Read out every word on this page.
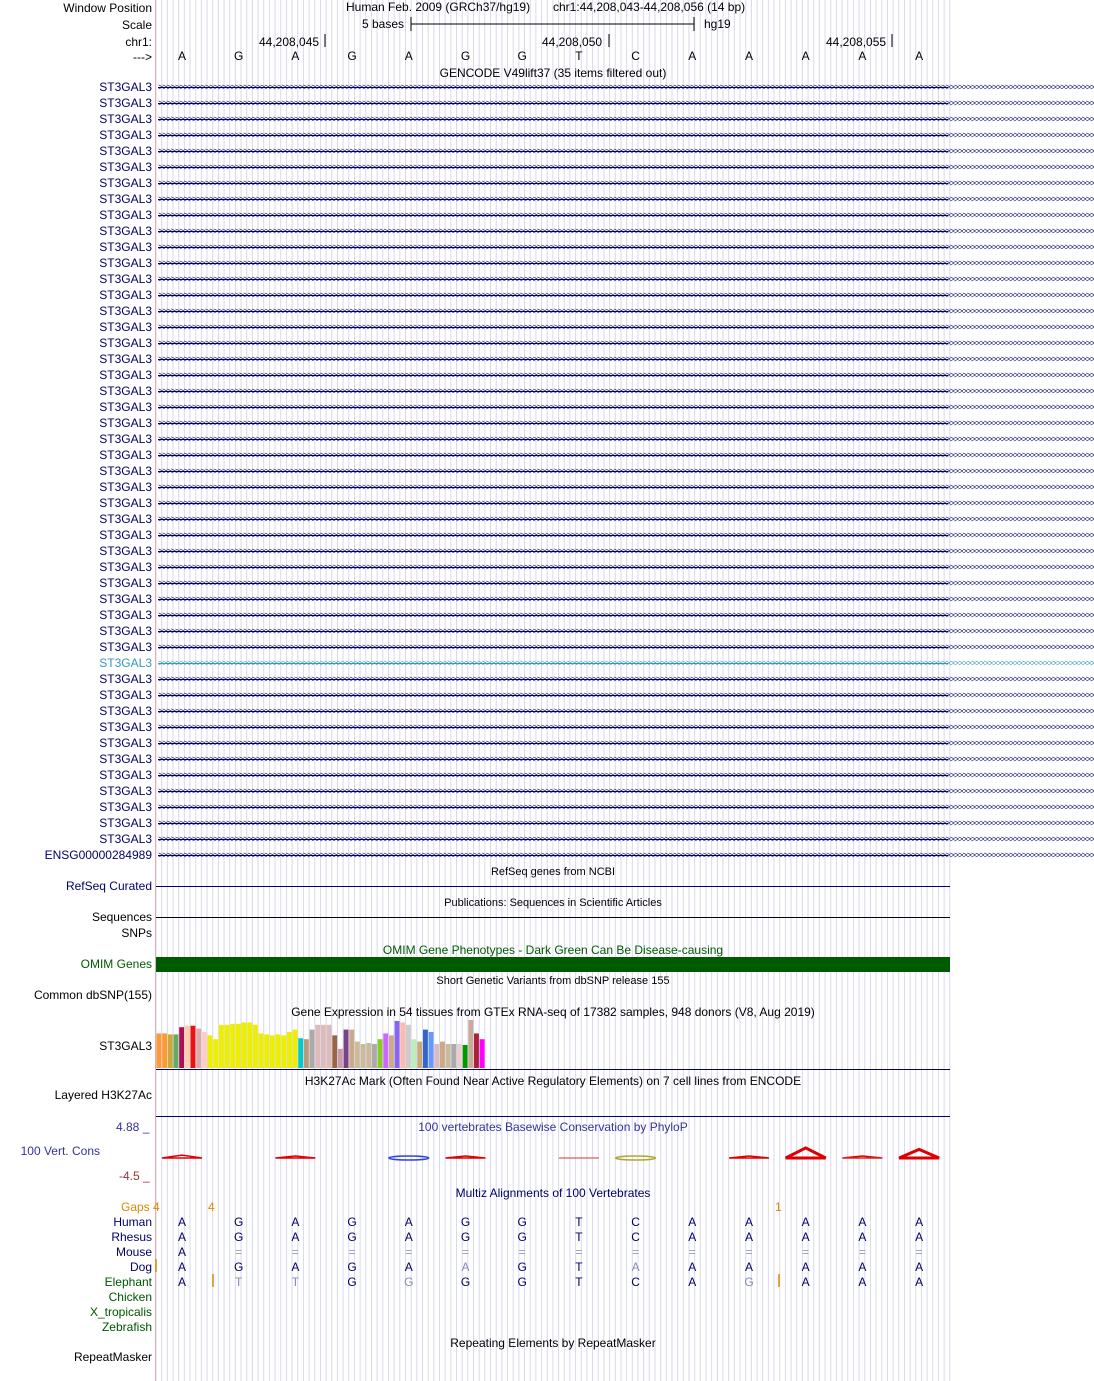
Window Position
Scale
chr1:
--->
Human Feb. 2009 (GRCh37/hg19) chr1:44,208,043-44,208,056 (14 bp)
5 bases	hg19
44,208,045	44,208,050	44,208,055
A	G	A	G	A	G	G	T	C	A	A	A	A	A
GENCODE V49lift37 (35 items filtered out)
ST3GAL3 >>>>>>>>>>>>>>>>>>>>>>>>>>>>>>>>>>>>>>>>>>>>>>>>>>>>>>>>>>>>>>>>>>>>>>>>>>>>>>>>>>>>>>>>>>>>>>>>>>>>>>>>>>>>>>>>>>>>>>>>>>>>>>>>>>>>>>>>>>>>>>>>>>>>>>>>>>>>>>>>>>>>>>>>>>>>>>>>>>>>>>>>>>>>>>>>>>>>>>>>>>>>>>>>>>>>>>>>>>>>
ST3GAL3 >>>>>>>>>>>>>>>>>>>>>>>>>>>>>>>>>>>>>>>>>>>>>>>>>>>>>>>>>>>>>>>>>>>>>>>>>>>>>>>>>>>>>>>>>>>>>>>>>>>>>>>>>>>>>>>>>>>>>>>>>>>>>>>>>>>>>>>>>>>>>>>>>>>>>>>>>>>>>>>>>>>>>>>>>>>>>>>>>>>>>>>>>>>>>>>>>>>>>>>>>>>>>>>>>>>>>>>>>>>>
ST3GAL3 >>>>>>>>>>>>>>>>>>>>>>>>>>>>>>>>>>>>>>>>>>>>>>>>>>>>>>>>>>>>>>>>>>>>>>>>>>>>>>>>>>>>>>>>>>>>>>>>>>>>>>>>>>>>>>>>>>>>>>>>>>>>>>>>>>>>>>>>>>>>>>>>>>>>>>>>>>>>>>>>>>>>>>>>>>>>>>>>>>>>>>>>>>>>>>>>>>>>>>>>>>>>>>>>>>>>>>>>>>>>
ST3GAL3 >>>>>>>>>>>>>>>>>>>>>>>>>>>>>>>>>>>>>>>>>>>>>>>>>>>>>>>>>>>>>>>>>>>>>>>>>>>>>>>>>>>>>>>>>>>>>>>>>>>>>>>>>>>>>>>>>>>>>>>>>>>>>>>>>>>>>>>>>>>>>>>>>>>>>>>>>>>>>>>>>>>>>>>>>>>>>>>>>>>>>>>>>>>>>>>>>>>>>>>>>>>>>>>>>>>>>>>>>>>>
ST3GAL3 >>>>>>>>>>>>>>>>>>>>>>>>>>>>>>>>>>>>>>>>>>>>>>>>>>>>>>>>>>>>>>>>>>>>>>>>>>>>>>>>>>>>>>>>>>>>>>>>>>>>>>>>>>>>>>>>>>>>>>>>>>>>>>>>>>>>>>>>>>>>>>>>>>>>>>>>>>>>>>>>>>>>>>>>>>>>>>>>>>>>>>>>>>>>>>>>>>>>>>>>>>>>>>>>>>>>>>>>>>>>
ST3GAL3 >>>>>>>>>>>>>>>>>>>>>>>>>>>>>>>>>>>>>>>>>>>>>>>>>>>>>>>>>>>>>>>>>>>>>>>>>>>>>>>>>>>>>>>>>>>>>>>>>>>>>>>>>>>>>>>>>>>>>>>>>>>>>>>>>>>>>>>>>>>>>>>>>>>>>>>>>>>>>>>>>>>>>>>>>>>>>>>>>>>>>>>>>>>>>>>>>>>>>>>>>>>>>>>>>>>>>>>>>>>>
ST3GAL3 >>>>>>>>>>>>>>>>>>>>>>>>>>>>>>>>>>>>>>>>>>>>>>>>>>>>>>>>>>>>>>>>>>>>>>>>>>>>>>>>>>>>>>>>>>>>>>>>>>>>>>>>>>>>>>>>>>>>>>>>>>>>>>>>>>>>>>>>>>>>>>>>>>>>>>>>>>>>>>>>>>>>>>>>>>>>>>>>>>>>>>>>>>>>>>>>>>>>>>>>>>>>>>>>>>>>>>>>>>>>
ST3GAL3 >>>>>>>>>>>>>>>>>>>>>>>>>>>>>>>>>>>>>>>>>>>>>>>>>>>>>>>>>>>>>>>>>>>>>>>>>>>>>>>>>>>>>>>>>>>>>>>>>>>>>>>>>>>>>>>>>>>>>>>>>>>>>>>>>>>>>>>>>>>>>>>>>>>>>>>>>>>>>>>>>>>>>>>>>>>>>>>>>>>>>>>>>>>>>>>>>>>>>>>>>>>>>>>>>>>>>>>>>>>>
ST3GAL3 >>>>>>>>>>>>>>>>>>>>>>>>>>>>>>>>>>>>>>>>>>>>>>>>>>>>>>>>>>>>>>>>>>>>>>>>>>>>>>>>>>>>>>>>>>>>>>>>>>>>>>>>>>>>>>>>>>>>>>>>>>>>>>>>>>>>>>>>>>>>>>>>>>>>>>>>>>>>>>>>>>>>>>>>>>>>>>>>>>>>>>>>>>>>>>>>>>>>>>>>>>>>>>>>>>>>>>>>>>>>
ST3GAL3 >>>>>>>>>>>>>>>>>>>>>>>>>>>>>>>>>>>>>>>>>>>>>>>>>>>>>>>>>>>>>>>>>>>>>>>>>>>>>>>>>>>>>>>>>>>>>>>>>>>>>>>>>>>>>>>>>>>>>>>>>>>>>>>>>>>>>>>>>>>>>>>>>>>>>>>>>>>>>>>>>>>>>>>>>>>>>>>>>>>>>>>>>>>>>>>>>>>>>>>>>>>>>>>>>>>>>>>>>>>>
ST3GAL3 >>>>>>>>>>>>>>>>>>>>>>>>>>>>>>>>>>>>>>>>>>>>>>>>>>>>>>>>>>>>>>>>>>>>>>>>>>>>>>>>>>>>>>>>>>>>>>>>>>>>>>>>>>>>>>>>>>>>>>>>>>>>>>>>>>>>>>>>>>>>>>>>>>>>>>>>>>>>>>>>>>>>>>>>>>>>>>>>>>>>>>>>>>>>>>>>>>>>>>>>>>>>>>>>>>>>>>>>>>>>
ST3GAL3 >>>>>>>>>>>>>>>>>>>>>>>>>>>>>>>>>>>>>>>>>>>>>>>>>>>>>>>>>>>>>>>>>>>>>>>>>>>>>>>>>>>>>>>>>>>>>>>>>>>>>>>>>>>>>>>>>>>>>>>>>>>>>>>>>>>>>>>>>>>>>>>>>>>>>>>>>>>>>>>>>>>>>>>>>>>>>>>>>>>>>>>>>>>>>>>>>>>>>>>>>>>>>>>>>>>>>>>>>>>>
ST3GAL3 >>>>>>>>>>>>>>>>>>>>>>>>>>>>>>>>>>>>>>>>>>>>>>>>>>>>>>>>>>>>>>>>>>>>>>>>>>>>>>>>>>>>>>>>>>>>>>>>>>>>>>>>>>>>>>>>>>>>>>>>>>>>>>>>>>>>>>>>>>>>>>>>>>>>>>>>>>>>>>>>>>>>>>>>>>>>>>>>>>>>>>>>>>>>>>>>>>>>>>>>>>>>>>>>>>>>>>>>>>>>
ST3GAL3 >>>>>>>>>>>>>>>>>>>>>>>>>>>>>>>>>>>>>>>>>>>>>>>>>>>>>>>>>>>>>>>>>>>>>>>>>>>>>>>>>>>>>>>>>>>>>>>>>>>>>>>>>>>>>>>>>>>>>>>>>>>>>>>>>>>>>>>>>>>>>>>>>>>>>>>>>>>>>>>>>>>>>>>>>>>>>>>>>>>>>>>>>>>>>>>>>>>>>>>>>>>>>>>>>>>>>>>>>>>>
ST3GAL3 >>>>>>>>>>>>>>>>>>>>>>>>>>>>>>>>>>>>>>>>>>>>>>>>>>>>>>>>>>>>>>>>>>>>>>>>>>>>>>>>>>>>>>>>>>>>>>>>>>>>>>>>>>>>>>>>>>>>>>>>>>>>>>>>>>>>>>>>>>>>>>>>>>>>>>>>>>>>>>>>>>>>>>>>>>>>>>>>>>>>>>>>>>>>>>>>>>>>>>>>>>>>>>>>>>>>>>>>>>>>
ST3GAL3 >>>>>>>>>>>>>>>>>>>>>>>>>>>>>>>>>>>>>>>>>>>>>>>>>>>>>>>>>>>>>>>>>>>>>>>>>>>>>>>>>>>>>>>>>>>>>>>>>>>>>>>>>>>>>>>>>>>>>>>>>>>>>>>>>>>>>>>>>>>>>>>>>>>>>>>>>>>>>>>>>>>>>>>>>>>>>>>>>>>>>>>>>>>>>>>>>>>>>>>>>>>>>>>>>>>>>>>>>>>>
ST3GAL3 >>>>>>>>>>>>>>>>>>>>>>>>>>>>>>>>>>>>>>>>>>>>>>>>>>>>>>>>>>>>>>>>>>>>>>>>>>>>>>>>>>>>>>>>>>>>>>>>>>>>>>>>>>>>>>>>>>>>>>>>>>>>>>>>>>>>>>>>>>>>>>>>>>>>>>>>>>>>>>>>>>>>>>>>>>>>>>>>>>>>>>>>>>>>>>>>>>>>>>>>>>>>>>>>>>>>>>>>>>>>
ST3GAL3 >>>>>>>>>>>>>>>>>>>>>>>>>>>>>>>>>>>>>>>>>>>>>>>>>>>>>>>>>>>>>>>>>>>>>>>>>>>>>>>>>>>>>>>>>>>>>>>>>>>>>>>>>>>>>>>>>>>>>>>>>>>>>>>>>>>>>>>>>>>>>>>>>>>>>>>>>>>>>>>>>>>>>>>>>>>>>>>>>>>>>>>>>>>>>>>>>>>>>>>>>>>>>>>>>>>>>>>>>>>>
ST3GAL3 >>>>>>>>>>>>>>>>>>>>>>>>>>>>>>>>>>>>>>>>>>>>>>>>>>>>>>>>>>>>>>>>>>>>>>>>>>>>>>>>>>>>>>>>>>>>>>>>>>>>>>>>>>>>>>>>>>>>>>>>>>>>>>>>>>>>>>>>>>>>>>>>>>>>>>>>>>>>>>>>>>>>>>>>>>>>>>>>>>>>>>>>>>>>>>>>>>>>>>>>>>>>>>>>>>>>>>>>>>>>
ST3GAL3 >>>>>>>>>>>>>>>>>>>>>>>>>>>>>>>>>>>>>>>>>>>>>>>>>>>>>>>>>>>>>>>>>>>>>>>>>>>>>>>>>>>>>>>>>>>>>>>>>>>>>>>>>>>>>>>>>>>>>>>>>>>>>>>>>>>>>>>>>>>>>>>>>>>>>>>>>>>>>>>>>>>>>>>>>>>>>>>>>>>>>>>>>>>>>>>>>>>>>>>>>>>>>>>>>>>>>>>>>>>>
ST3GAL3 >>>>>>>>>>>>>>>>>>>>>>>>>>>>>>>>>>>>>>>>>>>>>>>>>>>>>>>>>>>>>>>>>>>>>>>>>>>>>>>>>>>>>>>>>>>>>>>>>>>>>>>>>>>>>>>>>>>>>>>>>>>>>>>>>>>>>>>>>>>>>>>>>>>>>>>>>>>>>>>>>>>>>>>>>>>>>>>>>>>>>>>>>>>>>>>>>>>>>>>>>>>>>>>>>>>>>>>>>>>>
ST3GAL3 >>>>>>>>>>>>>>>>>>>>>>>>>>>>>>>>>>>>>>>>>>>>>>>>>>>>>>>>>>>>>>>>>>>>>>>>>>>>>>>>>>>>>>>>>>>>>>>>>>>>>>>>>>>>>>>>>>>>>>>>>>>>>>>>>>>>>>>>>>>>>>>>>>>>>>>>>>>>>>>>>>>>>>>>>>>>>>>>>>>>>>>>>>>>>>>>>>>>>>>>>>>>>>>>>>>>>>>>>>>>
ST3GAL3 >>>>>>>>>>>>>>>>>>>>>>>>>>>>>>>>>>>>>>>>>>>>>>>>>>>>>>>>>>>>>>>>>>>>>>>>>>>>>>>>>>>>>>>>>>>>>>>>>>>>>>>>>>>>>>>>>>>>>>>>>>>>>>>>>>>>>>>>>>>>>>>>>>>>>>>>>>>>>>>>>>>>>>>>>>>>>>>>>>>>>>>>>>>>>>>>>>>>>>>>>>>>>>>>>>>>>>>>>>>>
ST3GAL3 >>>>>>>>>>>>>>>>>>>>>>>>>>>>>>>>>>>>>>>>>>>>>>>>>>>>>>>>>>>>>>>>>>>>>>>>>>>>>>>>>>>>>>>>>>>>>>>>>>>>>>>>>>>>>>>>>>>>>>>>>>>>>>>>>>>>>>>>>>>>>>>>>>>>>>>>>>>>>>>>>>>>>>>>>>>>>>>>>>>>>>>>>>>>>>>>>>>>>>>>>>>>>>>>>>>>>>>>>>>>
ST3GAL3 >>>>>>>>>>>>>>>>>>>>>>>>>>>>>>>>>>>>>>>>>>>>>>>>>>>>>>>>>>>>>>>>>>>>>>>>>>>>>>>>>>>>>>>>>>>>>>>>>>>>>>>>>>>>>>>>>>>>>>>>>>>>>>>>>>>>>>>>>>>>>>>>>>>>>>>>>>>>>>>>>>>>>>>>>>>>>>>>>>>>>>>>>>>>>>>>>>>>>>>>>>>>>>>>>>>>>>>>>>>>
ST3GAL3 >>>>>>>>>>>>>>>>>>>>>>>>>>>>>>>>>>>>>>>>>>>>>>>>>>>>>>>>>>>>>>>>>>>>>>>>>>>>>>>>>>>>>>>>>>>>>>>>>>>>>>>>>>>>>>>>>>>>>>>>>>>>>>>>>>>>>>>>>>>>>>>>>>>>>>>>>>>>>>>>>>>>>>>>>>>>>>>>>>>>>>>>>>>>>>>>>>>>>>>>>>>>>>>>>>>>>>>>>>>>
ST3GAL3 >>>>>>>>>>>>>>>>>>>>>>>>>>>>>>>>>>>>>>>>>>>>>>>>>>>>>>>>>>>>>>>>>>>>>>>>>>>>>>>>>>>>>>>>>>>>>>>>>>>>>>>>>>>>>>>>>>>>>>>>>>>>>>>>>>>>>>>>>>>>>>>>>>>>>>>>>>>>>>>>>>>>>>>>>>>>>>>>>>>>>>>>>>>>>>>>>>>>>>>>>>>>>>>>>>>>>>>>>>>>
ST3GAL3 >>>>>>>>>>>>>>>>>>>>>>>>>>>>>>>>>>>>>>>>>>>>>>>>>>>>>>>>>>>>>>>>>>>>>>>>>>>>>>>>>>>>>>>>>>>>>>>>>>>>>>>>>>>>>>>>>>>>>>>>>>>>>>>>>>>>>>>>>>>>>>>>>>>>>>>>>>>>>>>>>>>>>>>>>>>>>>>>>>>>>>>>>>>>>>>>>>>>>>>>>>>>>>>>>>>>>>>>>>>>
ST3GAL3 >>>>>>>>>>>>>>>>>>>>>>>>>>>>>>>>>>>>>>>>>>>>>>>>>>>>>>>>>>>>>>>>>>>>>>>>>>>>>>>>>>>>>>>>>>>>>>>>>>>>>>>>>>>>>>>>>>>>>>>>>>>>>>>>>>>>>>>>>>>>>>>>>>>>>>>>>>>>>>>>>>>>>>>>>>>>>>>>>>>>>>>>>>>>>>>>>>>>>>>>>>>>>>>>>>>>>>>>>>>>
ST3GAL3 >>>>>>>>>>>>>>>>>>>>>>>>>>>>>>>>>>>>>>>>>>>>>>>>>>>>>>>>>>>>>>>>>>>>>>>>>>>>>>>>>>>>>>>>>>>>>>>>>>>>>>>>>>>>>>>>>>>>>>>>>>>>>>>>>>>>>>>>>>>>>>>>>>>>>>>>>>>>>>>>>>>>>>>>>>>>>>>>>>>>>>>>>>>>>>>>>>>>>>>>>>>>>>>>>>>>>>>>>>>>
ST3GAL3 >>>>>>>>>>>>>>>>>>>>>>>>>>>>>>>>>>>>>>>>>>>>>>>>>>>>>>>>>>>>>>>>>>>>>>>>>>>>>>>>>>>>>>>>>>>>>>>>>>>>>>>>>>>>>>>>>>>>>>>>>>>>>>>>>>>>>>>>>>>>>>>>>>>>>>>>>>>>>>>>>>>>>>>>>>>>>>>>>>>>>>>>>>>>>>>>>>>>>>>>>>>>>>>>>>>>>>>>>>>>
ST3GAL3 >>>>>>>>>>>>>>>>>>>>>>>>>>>>>>>>>>>>>>>>>>>>>>>>>>>>>>>>>>>>>>>>>>>>>>>>>>>>>>>>>>>>>>>>>>>>>>>>>>>>>>>>>>>>>>>>>>>>>>>>>>>>>>>>>>>>>>>>>>>>>>>>>>>>>>>>>>>>>>>>>>>>>>>>>>>>>>>>>>>>>>>>>>>>>>>>>>>>>>>>>>>>>>>>>>>>>>>>>>>>
ST3GAL3 >>>>>>>>>>>>>>>>>>>>>>>>>>>>>>>>>>>>>>>>>>>>>>>>>>>>>>>>>>>>>>>>>>>>>>>>>>>>>>>>>>>>>>>>>>>>>>>>>>>>>>>>>>>>>>>>>>>>>>>>>>>>>>>>>>>>>>>>>>>>>>>>>>>>>>>>>>>>>>>>>>>>>>>>>>>>>>>>>>>>>>>>>>>>>>>>>>>>>>>>>>>>>>>>>>>>>>>>>>>>
ST3GAL3 >>>>>>>>>>>>>>>>>>>>>>>>>>>>>>>>>>>>>>>>>>>>>>>>>>>>>>>>>>>>>>>>>>>>>>>>>>>>>>>>>>>>>>>>>>>>>>>>>>>>>>>>>>>>>>>>>>>>>>>>>>>>>>>>>>>>>>>>>>>>>>>>>>>>>>>>>>>>>>>>>>>>>>>>>>>>>>>>>>>>>>>>>>>>>>>>>>>>>>>>>>>>>>>>>>>>>>>>>>>>
ST3GAL3 >>>>>>>>>>>>>>>>>>>>>>>>>>>>>>>>>>>>>>>>>>>>>>>>>>>>>>>>>>>>>>>>>>>>>>>>>>>>>>>>>>>>>>>>>>>>>>>>>>>>>>>>>>>>>>>>>>>>>>>>>>>>>>>>>>>>>>>>>>>>>>>>>>>>>>>>>>>>>>>>>>>>>>>>>>>>>>>>>>>>>>>>>>>>>>>>>>>>>>>>>>>>>>>>>>>>>>>>>>>>
ST3GAL3 >>>>>>>>>>>>>>>>>>>>>>>>>>>>>>>>>>>>>>>>>>>>>>>>>>>>>>>>>>>>>>>>>>>>>>>>>>>>>>>>>>>>>>>>>>>>>>>>>>>>>>>>>>>>>>>>>>>>>>>>>>>>>>>>>>>>>>>>>>>>>>>>>>>>>>>>>>>>>>>>>>>>>>>>>>>>>>>>>>>>>>>>>>>>>>>>>>>>>>>>>>>>>>>>>>>>>>>>>>>>
ST3GAL3 >>>>>>>>>>>>>>>>>>>>>>>>>>>>>>>>>>>>>>>>>>>>>>>>>>>>>>>>>>>>>>>>>>>>>>>>>>>>>>>>>>>>>>>>>>>>>>>>>>>>>>>>>>>>>>>>>>>>>>>>>>>>>>>>>>>>>>>>>>>>>>>>>>>>>>>>>>>>>>>>>>>>>>>>>>>>>>>>>>>>>>>>>>>>>>>>>>>>>>>>>>>>>>>>>>>>>>>>>>>>
ST3GAL3 >>>>>>>>>>>>>>>>>>>>>>>>>>>>>>>>>>>>>>>>>>>>>>>>>>>>>>>>>>>>>>>>>>>>>>>>>>>>>>>>>>>>>>>>>>>>>>>>>>>>>>>>>>>>>>>>>>>>>>>>>>>>>>>>>>>>>>>>>>>>>>>>>>>>>>>>>>>>>>>>>>>>>>>>>>>>>>>>>>>>>>>>>>>>>>>>>>>>>>>>>>>>>>>>>>>>>>>>>>>>
ST3GAL3 >>>>>>>>>>>>>>>>>>>>>>>>>>>>>>>>>>>>>>>>>>>>>>>>>>>>>>>>>>>>>>>>>>>>>>>>>>>>>>>>>>>>>>>>>>>>>>>>>>>>>>>>>>>>>>>>>>>>>>>>>>>>>>>>>>>>>>>>>>>>>>>>>>>>>>>>>>>>>>>>>>>>>>>>>>>>>>>>>>>>>>>>>>>>>>>>>>>>>>>>>>>>>>>>>>>>>>>>>>>>
ST3GAL3 >>>>>>>>>>>>>>>>>>>>>>>>>>>>>>>>>>>>>>>>>>>>>>>>>>>>>>>>>>>>>>>>>>>>>>>>>>>>>>>>>>>>>>>>>>>>>>>>>>>>>>>>>>>>>>>>>>>>>>>>>>>>>>>>>>>>>>>>>>>>>>>>>>>>>>>>>>>>>>>>>>>>>>>>>>>>>>>>>>>>>>>>>>>>>>>>>>>>>>>>>>>>>>>>>>>>>>>>>>>>
ST3GAL3 >>>>>>>>>>>>>>>>>>>>>>>>>>>>>>>>>>>>>>>>>>>>>>>>>>>>>>>>>>>>>>>>>>>>>>>>>>>>>>>>>>>>>>>>>>>>>>>>>>>>>>>>>>>>>>>>>>>>>>>>>>>>>>>>>>>>>>>>>>>>>>>>>>>>>>>>>>>>>>>>>>>>>>>>>>>>>>>>>>>>>>>>>>>>>>>>>>>>>>>>>>>>>>>>>>>>>>>>>>>>
ST3GAL3 >>>>>>>>>>>>>>>>>>>>>>>>>>>>>>>>>>>>>>>>>>>>>>>>>>>>>>>>>>>>>>>>>>>>>>>>>>>>>>>>>>>>>>>>>>>>>>>>>>>>>>>>>>>>>>>>>>>>>>>>>>>>>>>>>>>>>>>>>>>>>>>>>>>>>>>>>>>>>>>>>>>>>>>>>>>>>>>>>>>>>>>>>>>>>>>>>>>>>>>>>>>>>>>>>>>>>>>>>>>>
ST3GAL3 >>>>>>>>>>>>>>>>>>>>>>>>>>>>>>>>>>>>>>>>>>>>>>>>>>>>>>>>>>>>>>>>>>>>>>>>>>>>>>>>>>>>>>>>>>>>>>>>>>>>>>>>>>>>>>>>>>>>>>>>>>>>>>>>>>>>>>>>>>>>>>>>>>>>>>>>>>>>>>>>>>>>>>>>>>>>>>>>>>>>>>>>>>>>>>>>>>>>>>>>>>>>>>>>>>>>>>>>>>>>
ST3GAL3 >>>>>>>>>>>>>>>>>>>>>>>>>>>>>>>>>>>>>>>>>>>>>>>>>>>>>>>>>>>>>>>>>>>>>>>>>>>>>>>>>>>>>>>>>>>>>>>>>>>>>>>>>>>>>>>>>>>>>>>>>>>>>>>>>>>>>>>>>>>>>>>>>>>>>>>>>>>>>>>>>>>>>>>>>>>>>>>>>>>>>>>>>>>>>>>>>>>>>>>>>>>>>>>>>>>>>>>>>>>>
ST3GAL3 >>>>>>>>>>>>>>>>>>>>>>>>>>>>>>>>>>>>>>>>>>>>>>>>>>>>>>>>>>>>>>>>>>>>>>>>>>>>>>>>>>>>>>>>>>>>>>>>>>>>>>>>>>>>>>>>>>>>>>>>>>>>>>>>>>>>>>>>>>>>>>>>>>>>>>>>>>>>>>>>>>>>>>>>>>>>>>>>>>>>>>>>>>>>>>>>>>>>>>>>>>>>>>>>>>>>>>>>>>>>
ST3GAL3 >>>>>>>>>>>>>>>>>>>>>>>>>>>>>>>>>>>>>>>>>>>>>>>>>>>>>>>>>>>>>>>>>>>>>>>>>>>>>>>>>>>>>>>>>>>>>>>>>>>>>>>>>>>>>>>>>>>>>>>>>>>>>>>>>>>>>>>>>>>>>>>>>>>>>>>>>>>>>>>>>>>>>>>>>>>>>>>>>>>>>>>>>>>>>>>>>>>>>>>>>>>>>>>>>>>>>>>>>>>>
ST3GAL3 >>>>>>>>>>>>>>>>>>>>>>>>>>>>>>>>>>>>>>>>>>>>>>>>>>>>>>>>>>>>>>>>>>>>>>>>>>>>>>>>>>>>>>>>>>>>>>>>>>>>>>>>>>>>>>>>>>>>>>>>>>>>>>>>>>>>>>>>>>>>>>>>>>>>>>>>>>>>>>>>>>>>>>>>>>>>>>>>>>>>>>>>>>>>>>>>>>>>>>>>>>>>>>>>>>>>>>>>>>>>
ST3GAL3 >>>>>>>>>>>>>>>>>>>>>>>>>>>>>>>>>>>>>>>>>>>>>>>>>>>>>>>>>>>>>>>>>>>>>>>>>>>>>>>>>>>>>>>>>>>>>>>>>>>>>>>>>>>>>>>>>>>>>>>>>>>>>>>>>>>>>>>>>>>>>>>>>>>>>>>>>>>>>>>>>>>>>>>>>>>>>>>>>>>>>>>>>>>>>>>>>>>>>>>>>>>>>>>>>>>>>>>>>>>>
ENSG00000284989 >>>>>>>>>>>>>>>>>>>>>>>>>>>>>>>>>>>>>>>>>>>>>>>>>>>>>>>>>>>>>>>>>>>>>>>>>>>>>>>>>>>>>>>>>>>>>>>>>>>>>>>>>>>>>>>>>>>>>>>>>>>>>>>>>>>>>>>>>>>>>>>>>>>>>>>>>>>>>>>>>>>>>>>>>>>>>>>>>>>>>>>>>>>>>>>>>>>>>>>>>>>>>>>>>>>>>>>>>>>>
RefSeq genes from NCBI
RefSeq Curated
Publications: Sequences in Scientific Articles
Sequences
SNPs
OMIM Gene Phenotypes - Dark Green Can Be Disease-causing
OMIM Genes
Short Genetic Variants from dbSNP release 155
Common dbSNP(155)
Gene Expression in 54 tissues from GTEx RNA-seq of 17382 samples, 948 donors (V8, Aug 2019)
ST3GAL3
H3K27Ac Mark (Often Found Near Active Regulatory Elements) on 7 cell lines from ENCODE
Layered H3K27Ac
100 vertebrates Basewise Conservation by PhyloP
4.88 _
100 Vert. Cons
-4.5 _
Multiz Alignments of 100 Vertebrates
Gaps 4	4	1
Human	A	G	A	G	A	G	G	T	C	A	A	A	A	A
Rhesus	A	G	A	G	A	G	G	T	C	A	A	A	A	A
Mouse	A	=	=	=	=	=	=	=	=	=	=	=	=	=
Dog	A	G	A	G	A	A	G	T	A	A	A	A	A	A
Elephant	A	T	T	G	G	G	G	T	C	A	G	A	A	A
Chicken
X_tropicalis
Zebrafish
Repeating Elements by RepeatMasker
RepeatMasker
